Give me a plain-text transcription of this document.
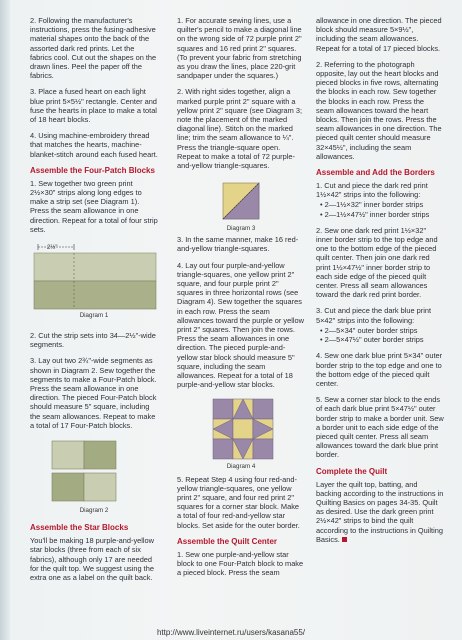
2. Following the manufacturer's instructions, press the fusing-adhesive material shapes onto the back of the assorted dark red prints. Let the fabrics cool. Cut out the shapes on the drawn lines. Peel the paper off the fabrics.

3. Place a fused heart on each light blue print 5×5½" rectangle. Center and fuse the hearts in place to make a total of 18 heart blocks.

4. Using machine-embroidery thread that matches the hearts, machine-blanket-stitch around each fused heart.

Assemble the Four-Patch Blocks

1. Sew together two green print 2½×30" strips along long edges to make a strip set (see Diagram 1). Press the seam allowance in one direction. Repeat for a total of four strip sets.

2½"
Diagram 1

2. Cut the strip sets into 34—2½"-wide segments.

3. Lay out two 2¾"-wide segments as shown in Diagram 2. Sew together the segments to make a Four-Patch block. Press the seam allowance in one direction. The pieced Four-Patch block should measure 5" square, including the seam allowances. Repeat to make a total of 17 Four-Patch blocks.

Diagram 2
Assemble the Star Blocks

You'll be making 18 purple-and-yellow star blocks (three from each of six fabrics), although only 17 are needed for the quilt top. We suggest using the extra one as a label on the quilt back.

1. For accurate sewing lines, use a quilter's pencil to make a diagonal line on the wrong side of 72 purple print 2" squares and 16 red print 2" squares. (To prevent your fabric from stretching as you draw the lines, place 220-grit sandpaper under the squares.)

2. With right sides together, align a marked purple print 2" square with a yellow print 2" square (see Diagram 3; note the placement of the marked diagonal line). Stitch on the marked line; trim the seam allowance to ¼". Press the triangle-square open. Repeat to make a total of 72 purple-and-yellow triangle-squares.

Diagram 3

3. In the same manner, make 16 red-and-yellow triangle-squares.

4. Lay out four purple-and-yellow triangle-squares, one yellow print 2" square, and four purple print 2" squares in three horizontal rows (see Diagram 4). Sew together the squares in each row. Press the seam allowances toward the purple or yellow print 2" squares. Then join the rows. Press the seam allowances in one direction. The pieced purple-and-yellow star block should measure 5" square, including the seam allowances. Repeat for a total of 18 purple-and-yellow star blocks.

Diagram 4

5. Repeat Step 4 using four red-and-yellow triangle-squares, one yellow print 2" square, and four red print 2" squares for a corner star block. Make a total of four red-and-yellow star blocks. Set aside for the outer border.

Assemble the Quilt Center

1. Sew one purple-and-yellow star block to one Four-Patch block to make a pieced block. Press the seam

allowance in one direction. The pieced block should measure 5×9½", including the seam allowances. Repeat for a total of 17 pieced blocks.

2. Referring to the photograph opposite, lay out the heart blocks and pieced blocks in five rows, alternating the blocks in each row. Sew together the blocks in each row. Press the seam allowances toward the heart blocks. Then join the rows. Press the seam allowances in one direction. The pieced quilt center should measure 32×45½", including the seam allowances.

Assemble and Add the Borders

1. Cut and piece the dark red print 1½×42" strips into the following:

• 2—1½×32" inner border strips
• 2—1½×47½" inner border strips

2. Sew one dark red print 1½×32" inner border strip to the top edge and one to the bottom edge of the pieced quilt center. Then join one dark red print 1½×47½" inner border strip to each side edge of the pieced quilt center. Press all seam allowances toward the dark red print border.

3. Cut and piece the dark blue print 5×42" strips into the following:

• 2—5×34" outer border strips
• 2—5×47½" outer border strips

4. Sew one dark blue print 5×34" outer border strip to the top edge and one to the bottom edge of the pieced quilt center.

5. Sew a corner star block to the ends of each dark blue print 5×47½" outer border strip to make a border unit. Sew a border unit to each side edge of the pieced quilt center. Press all seam allowances toward the dark blue print border.

Complete the Quilt

Layer the quilt top, batting, and backing according to the instructions in Quilting Basics on pages 34-35. Quilt as desired. Use the dark green print 2½×42" strips to bind the quilt according to the instructions in Quilting Basics.

http://www.liveinternet.ru/users/kasana55/
